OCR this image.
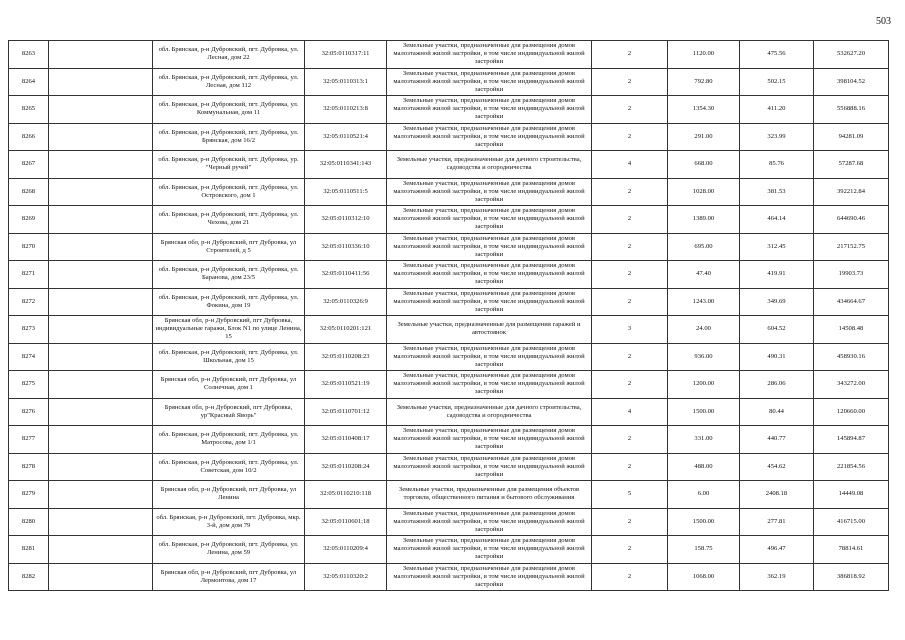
503
8263		обл. Брянская, р-н Дубровский, пгт. Дубровка, ул. Лесная, дом 22	32:05:0110317:11	Земельные участки, предназначенные для размещения домов малоэтажной жилой застройки, в том числе индивидуальной жилой застройки	2	1120.00	475.56	532627.20
8264		обл. Брянская, р-н Дубровский, пгт. Дубровка, ул. Лесная, дом 112	32:05:0110313:1	Земельные участки, предназначенные для размещения домов малоэтажной жилой застройки, в том числе индивидуальной жилой застройки	2	792.80	502.15	398104.52
8265		обл. Брянская, р-н Дубровский, пгт. Дубровка, ул. Коммунальная, дом 11	32:05:0110213:8	Земельные участки, предназначенные для размещения домов малоэтажной жилой застройки, в том числе индивидуальной жилой застройки	2	1354.30	411.20	556888.16
8266		обл. Брянская, р-н Дубровский, пгт. Дубровка, ул. Брянская, дом 16/2	32:05:0110521:4	Земельные участки, предназначенные для размещения домов малоэтажной жилой застройки, в том числе индивидуальной жилой застройки	2	291.00	323.99	94281.09
8267		обл. Брянская, р-н Дубровский, пгт. Дубровка, ур. "Черный ручей"	32:05:0110341:143	Земельные участки, предназначенные для дачного строительства, садоводства и огородничества	4	668.00	85.76	57287.68
8268		обл. Брянская, р-н Дубровский, пгт. Дубровка, ул. Островского, дом 1	32:05:0110511:5	Земельные участки, предназначенные для размещения домов малоэтажной жилой застройки, в том числе индивидуальной жилой застройки	2	1028.00	381.53	392212.84
8269		обл. Брянская, р-н Дубровский, пгт. Дубровка, ул. Чехова, дом 21	32:05:0110312:10	Земельные участки, предназначенные для размещения домов малоэтажной жилой застройки, в том числе индивидуальной жилой застройки	2	1389.00	464.14	644690.46
8270		Брянская обл, р-н Дубровский, пгт Дубровка, ул Строителей, д 5	32:05:0110336:10	Земельные участки, предназначенные для размещения домов малоэтажной жилой застройки, в том числе индивидуальной жилой застройки	2	695.00	312.45	217152.75
8271		обл. Брянская, р-н Дубровский, пгт. Дубровка, ул. Баранова, дом 23/5	32:05:0110411:56	Земельные участки, предназначенные для размещения домов малоэтажной жилой застройки, в том числе индивидуальной жилой застройки	2	47.40	419.91	19903.73
8272		обл. Брянская, р-н Дубровский, пгт. Дубровка, ул. Фокина, дом 19	32:05:0110326:9	Земельные участки, предназначенные для размещения домов малоэтажной жилой застройки, в том числе индивидуальной жилой застройки	2	1243.00	349.69	434664.67
8273		Брянская обл, р-н Дубровский, пгт Дубровка, индивидуальные гаражи, Блок N1 по улице Ленина, 15	32:05:0110201:121	Земельные участки, предназначенные для размещения гаражей и автостоянок	3	24.00	604.52	14508.48
8274		обл. Брянская, р-н Дубровский, пгт. Дубровка, ул. Школьная, дом 15	32:05:0110208:23	Земельные участки, предназначенные для размещения домов малоэтажной жилой застройки, в том числе индивидуальной жилой застройки	2	936.00	490.31	458930.16
8275		Брянская обл, р-н Дубровский, пгт Дубровка, ул Солнечная, дом 1	32:05:0110521:19	Земельные участки, предназначенные для размещения домов малоэтажной жилой застройки, в том числе индивидуальной жилой застройки	2	1200.00	286.06	343272.00
8276		Брянская обл, р-н Дубровский, пгт Дубровка, ур"Красный Яворь"	32:05:0110701:12	Земельные участки, предназначенные для дачного строительства, садоводства и огородничества	4	1500.00	80.44	120660.00
8277		обл. Брянская, р-н Дубровский, пгт. Дубровка, ул. Матросова, дом 1/1	32:05:0110408:17	Земельные участки, предназначенные для размещения домов малоэтажной жилой застройки, в том числе индивидуальной жилой застройки	2	331.00	440.77	145894.87
8278		обл. Брянская, р-н Дубровский, пгт. Дубровка, ул. Советская, дом 10/2	32:05:0110208:24	Земельные участки, предназначенные для размещения домов малоэтажной жилой застройки, в том числе индивидуальной жилой застройки	2	488.00	454.62	221854.56
8279		Брянская обл, р-н Дубровский, пгт Дубровка, ул Ленина	32:05:0110210:118	Земельные участки, предназначенные для размещения объектов торговли, общественного питания и бытового обслуживания	5	6.00	2408.18	14449.08
8280		обл. Брянская, р-н Дубровский, пгт. Дубровка, мкр. 3-й, дом дом 79	32:05:0110601:18	Земельные участки, предназначенные для размещения домов малоэтажной жилой застройки, в том числе индивидуальной жилой застройки	2	1500.00	277.81	416715.00
8281		обл. Брянская, р-н Дубровский, пгт. Дубровка, ул. Ленина, дом 59	32:05:0110209:4	Земельные участки, предназначенные для размещения домов малоэтажной жилой застройки, в том числе индивидуальной жилой застройки	2	158.75	496.47	78814.61
8282		Брянская обл, р-н Дубровский, пгт Дубровка, ул Лермонтова, дом 17	32:05:0110320:2	Земельные участки, предназначенные для размещения домов малоэтажной жилой застройки, в том числе индивидуальной жилой застройки	2	1068.00	362.19	386818.92
